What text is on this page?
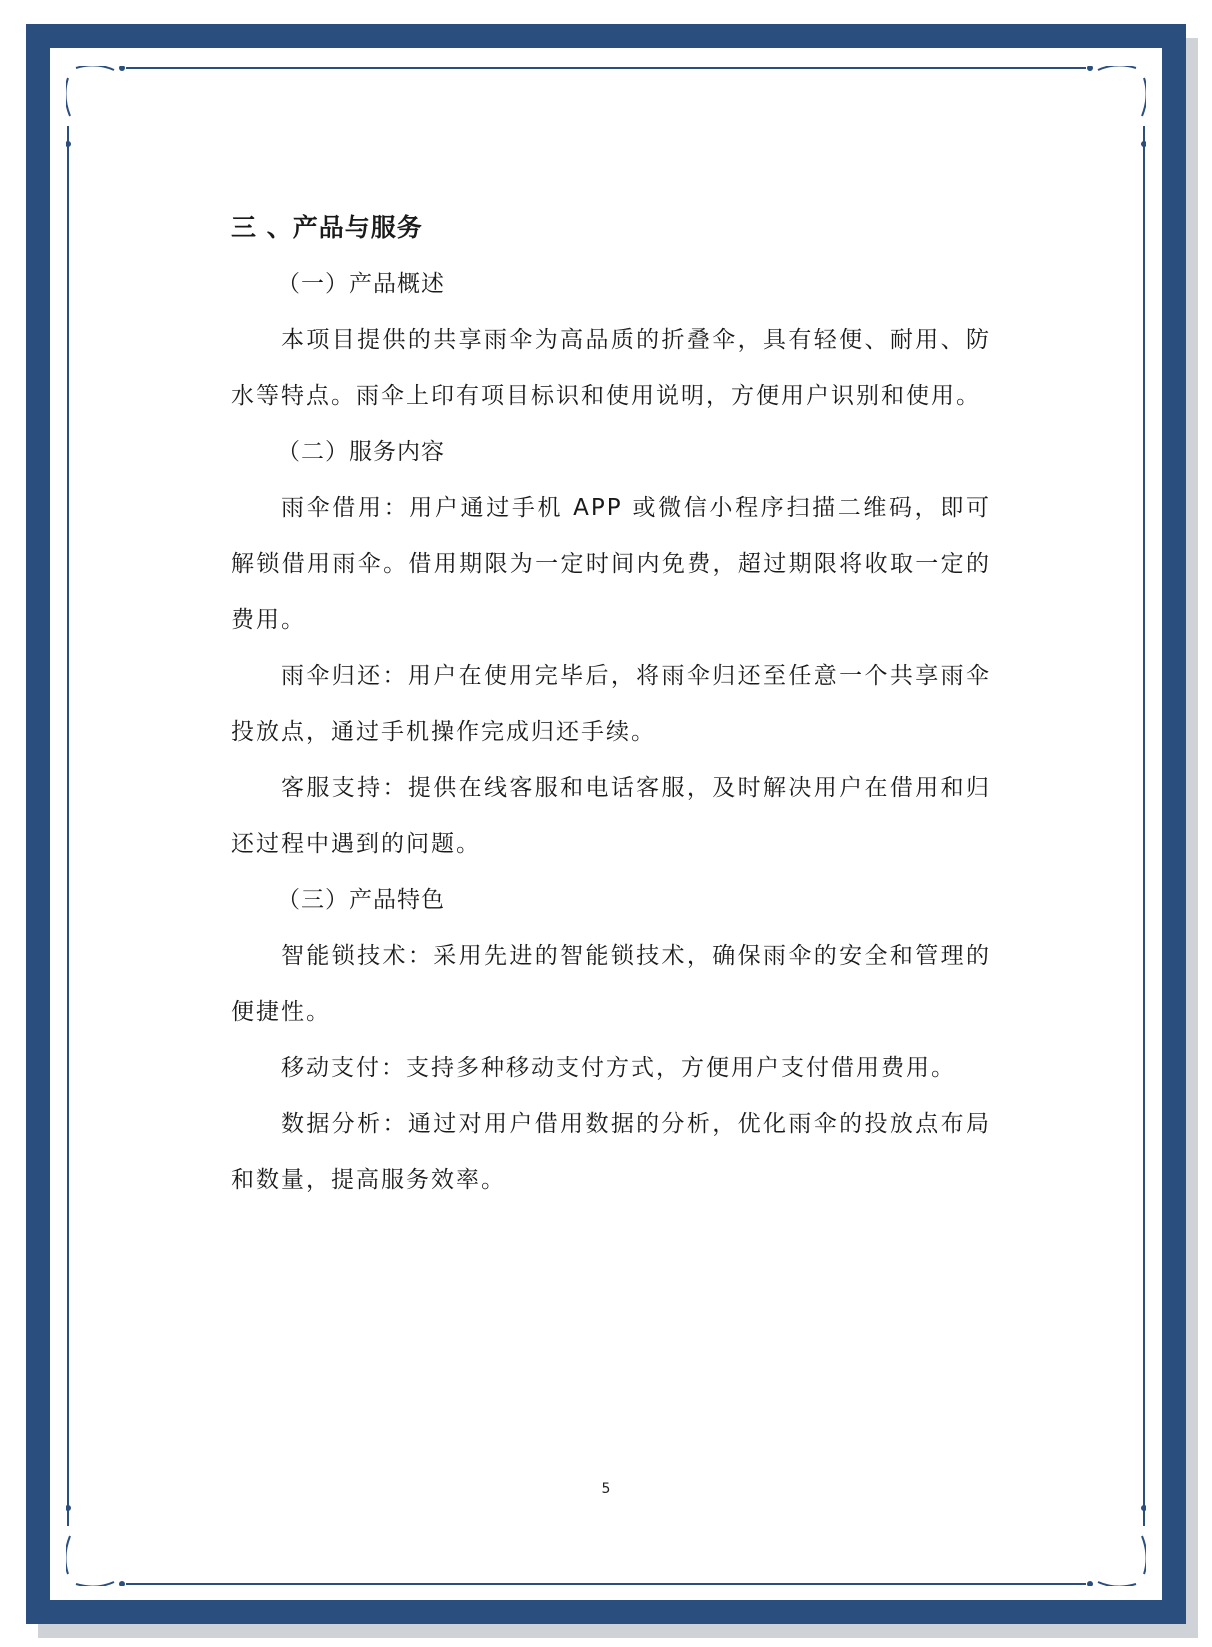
三 、产品与服务

（一）产品概述

本项目提供的共享雨伞为高品质的折叠伞，具有轻便、耐用、防水等特点。雨伞上印有项目标识和使用说明，方便用户识别和使用。

（二）服务内容

雨伞借用：用户通过手机 APP 或微信小程序扫描二维码，即可解锁借用雨伞。借用期限为一定时间内免费，超过期限将收取一定的费用。

雨伞归还：用户在使用完毕后，将雨伞归还至任意一个共享雨伞投放点，通过手机操作完成归还手续。

客服支持：提供在线客服和电话客服，及时解决用户在借用和归还过程中遇到的问题。

（三）产品特色

智能锁技术：采用先进的智能锁技术，确保雨伞的安全和管理的便捷性。

移动支付：支持多种移动支付方式，方便用户支付借用费用。

数据分析：通过对用户借用数据的分析，优化雨伞的投放点布局和数量，提高服务效率。

5
